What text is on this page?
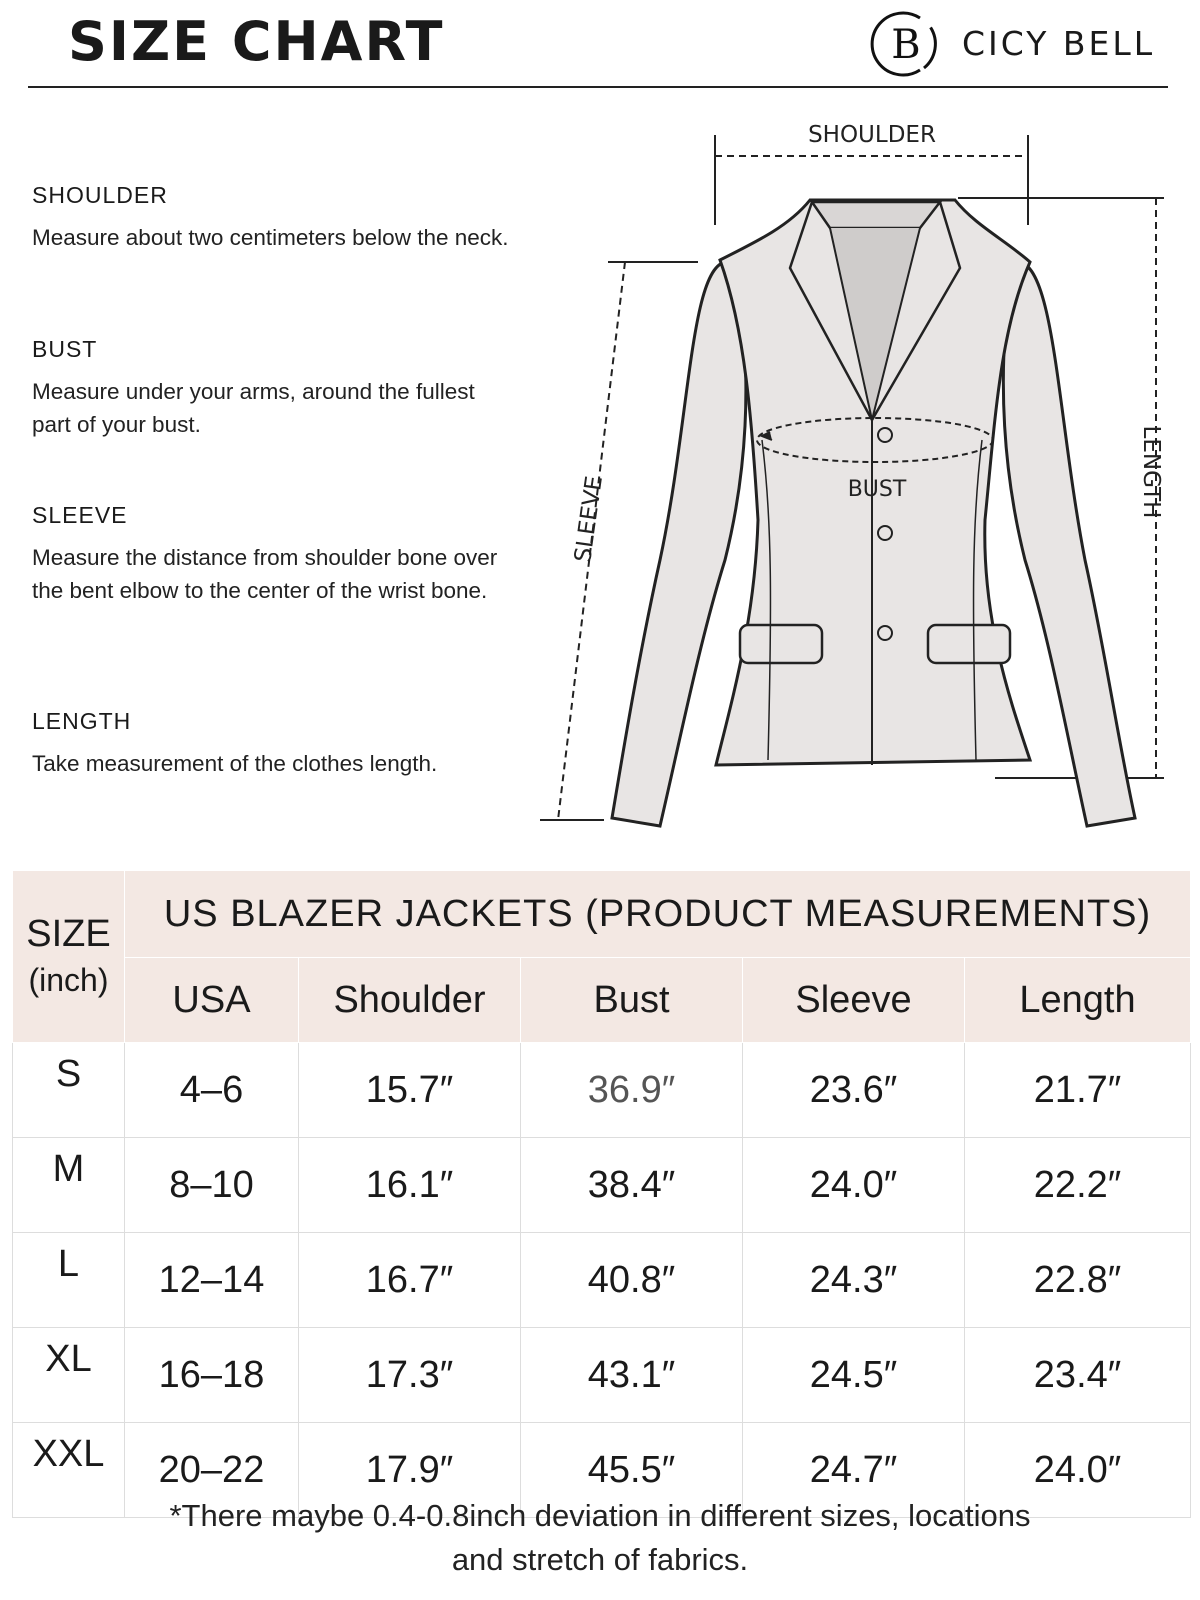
SIZE CHART	B CICY BELL
SHOULDER
Measure about two centimeters below the neck.
BUST
Measure under your arms, around the fullest part of your bust.
SLEEVE
Measure the distance from shoulder bone over the bent elbow to the center of the wrist bone.
LENGTH
Take measurement of the clothes length.
SHOULDER
LENGTH
SLEEVE	BUST
SIZE
(inch)	US BLAZER JACKETS (PRODUCT MEASUREMENTS)				
	USA	Shoulder	Bust	Sleeve	Length
S	4–6	15.7″	36.9″	23.6″	21.7″
M	8–10	16.1″	38.4″	24.0″	22.2″
L	12–14	16.7″	40.8″	24.3″	22.8″
XL	16–18	17.3″	43.1″	24.5″	23.4″
XXL	20–22	17.9″	45.5″	24.7″	24.0″
*There maybe 0.4-0.8inch deviation in different sizes, locations
and stretch of fabrics.
